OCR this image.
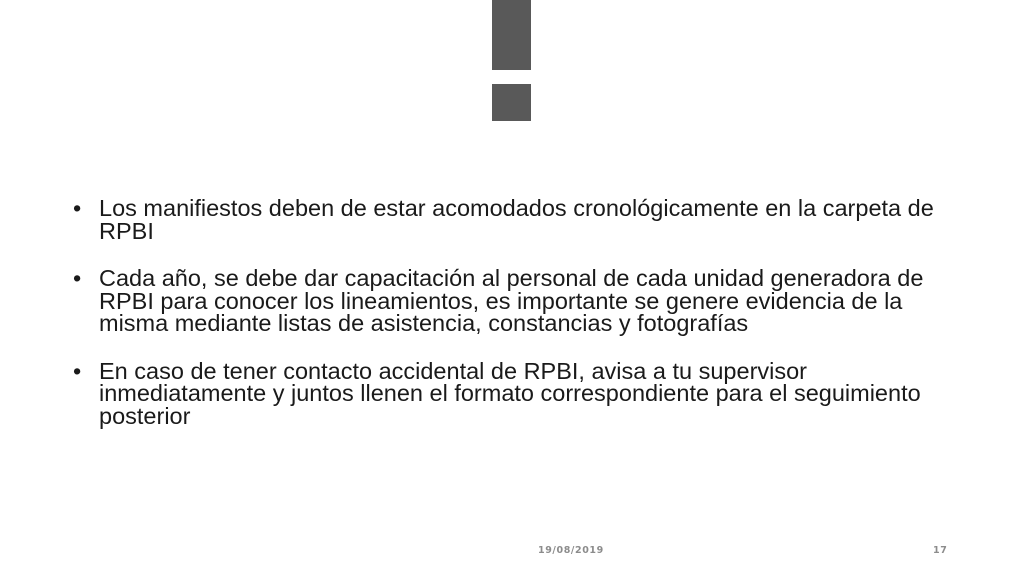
•
Los manifiestos deben de estar acomodados cronológicamente en la carpeta de RPBI
•
Cada año, se debe dar capacitación al personal de cada unidad generadora de RPBI para conocer los lineamientos, es importante se genere evidencia de la misma mediante listas de asistencia, constancias y fotografías
•
En caso de tener contacto accidental de RPBI, avisa a tu supervisor inmediatamente y juntos llenen el formato correspondiente para el seguimiento posterior
19/08/2019	17
